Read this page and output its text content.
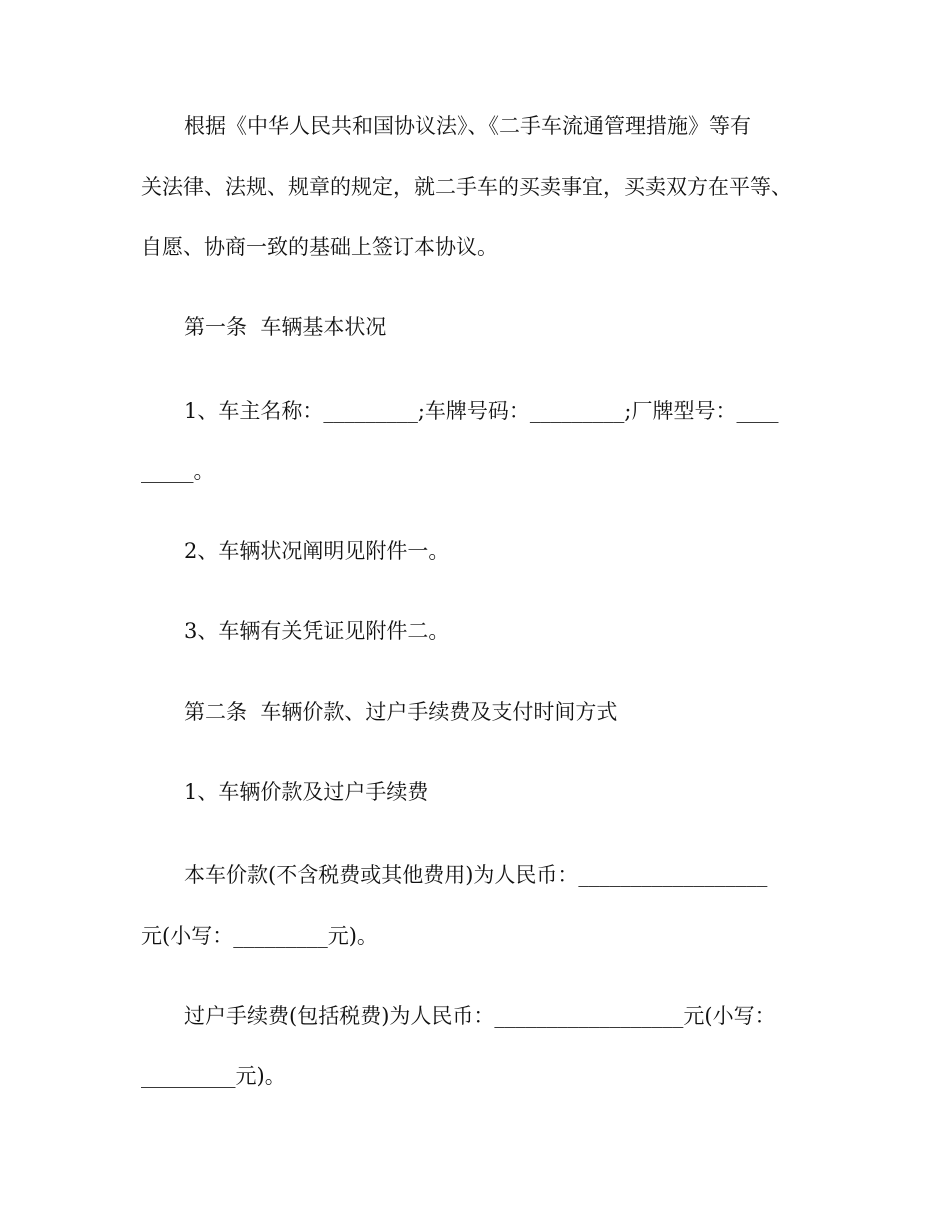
根据《中华人民共和国协议法》、《二手车流通管理措施》等有
关法律、法规、规章的规定，就二手车的买卖事宜，买卖双方在平等、
自愿、协商一致的基础上签订本协议。
第一条  车辆基本状况
1、车主名称：_________;车牌号码：_________;厂牌型号：____
_____。
2、车辆状况阐明见附件一。
3、车辆有关凭证见附件二。
第二条  车辆价款、过户手续费及支付时间方式
1、车辆价款及过户手续费
本车价款(不含税费或其他费用)为人民币：__________________
元(小写：_________元)。
过户手续费(包括税费)为人民币：__________________元(小写：
_________元)。
